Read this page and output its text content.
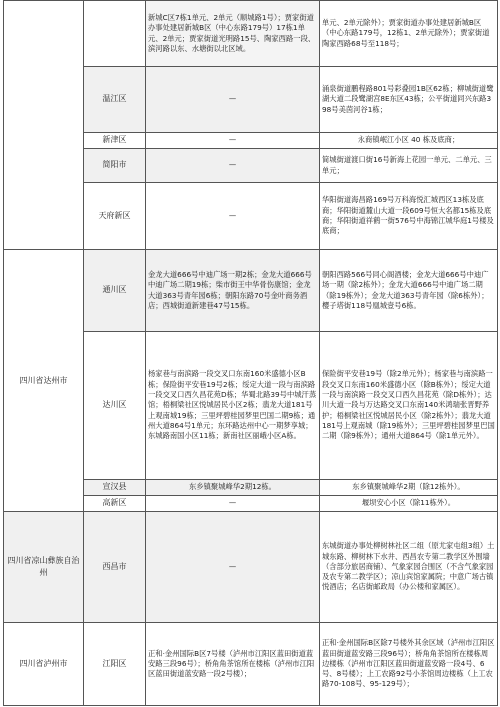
		新城C区7栋1单元、2单元（顺城路1号）；贾家街道办事处建居新城B区（中心东路179号）17栋1单元、2单元；贾家街道光明路15号、陶家西路一段、滨河路以东、水塘街以北区域。	单元、2单元除外）；贾家街道办事处建居新城B区（中心东路179号，12栋1、2单元除外）；贾家街道陶家西路68号至118号；
	温江区	—	涌泉街道鹏程路801号彩叠园1B区62栋；柳城街道鹭湖大道二段鹭湖宫8E东区43栋；公平街道同兴东路398号美茵河谷1栋；
	新津区	—	永商镇岷江小区 40 栋及底商；
	简阳市	—	简城街道渡口街16号新海上花园一单元、二单元、三单元；
	天府新区	—	华阳街道海昌路169号万科海悦汇城西区13栋及底商；华阳街道麓山大道一段609号恒大名都15栋及底商；华阳街道祥鹤一街576号中海锦江城华庭1号楼及底商；
四川省达州市	通川区	金龙大道666号中迪广场一期2栋；金龙大道666号中迪广场二期19栋；柴市街王中华骨伤康馆；金龙大道363号青年园6栋；朝阳东路70号金叶商务酒店；西城街道新建巷47号15栋。	朝阳西路566号同心阁酒楼；金龙大道666号中迪广场一期（除2栋外）；金龙大道666号中迪广场二期（除19栋外）；金龙大道363号青年园（除6栋外）；樱子塔街118号凰城壹号6栋。
	达川区	杨家巷与南滨路一段交叉口东南160米盛德小区B栋；保险街平安巷19号2栋；绥定大道一段与南滨路一段交叉口西久昌花苑D栋；华蜀北路39号中城汗蒸馆；梧桐梁社区悦城居民小区2栋；翡龙大道181号上观南城19栋；三里坪碧桂园梦里巴国二期9栋；通州大道864号1单元；东环路达州中心一期梦享城；东城路南国小区11栋；新南社区丽峨小区A栋。	保险街平安巷19号（除2单元外）；杨家巷与南滨路一段交叉口东南160米盛德小区（除B栋外）；绥定大道一段与南滨路一段交叉口西久昌花苑（除D栋外）；达川大道一段与万达路交叉口东南140米鸿瑞张晋野养护；梧桐梁社区悦城居民小区（除2栋外）；翡龙大道181号上观南城（除19栋外）；三里坪碧桂园梦里巴国二期（除9栋外）；通州大道864号（除1单元外）。
	宣汉县	东乡镇聚城峰华2期12栋。	东乡镇聚城峰华2期（除12栋外）。
	高新区	—	堰坝安心小区（除11栋外）。
四川省凉山彝族自治州	西昌市	—	东城街道办事处柳树林社区二组（原尤家屯组3组）土城东路、柳树林下水井、西昌农专第二教学区外围墙（含部分旅居商铺）、气象家园合围区（不含气象家园及农专第二教学区）；凉山宾馆家属院；中意广场古镇悦酒店；名店街邮政局（办公楼和家属区）。
四川省泸州市	江阳区	正和·金州国际B区7号楼（泸州市江阳区蓝田街道蓝安路三段96号）；桥角角茶馆所在楼栋（泸州市江阳区蓝田街道蓝安路一段2号楼）；	正和·金州国际B区除7号楼外其余区域（泸州市江阳区蓝田街道蓝安路三段96号）；桥角角茶馆所在楼栋周边楼栋（泸州市江阳区蓝田街道蓝安路一段4号、6号、8号楼）；上工农路92号小茶馆周边楼栋（上工农路70-108号、95-129号）；
